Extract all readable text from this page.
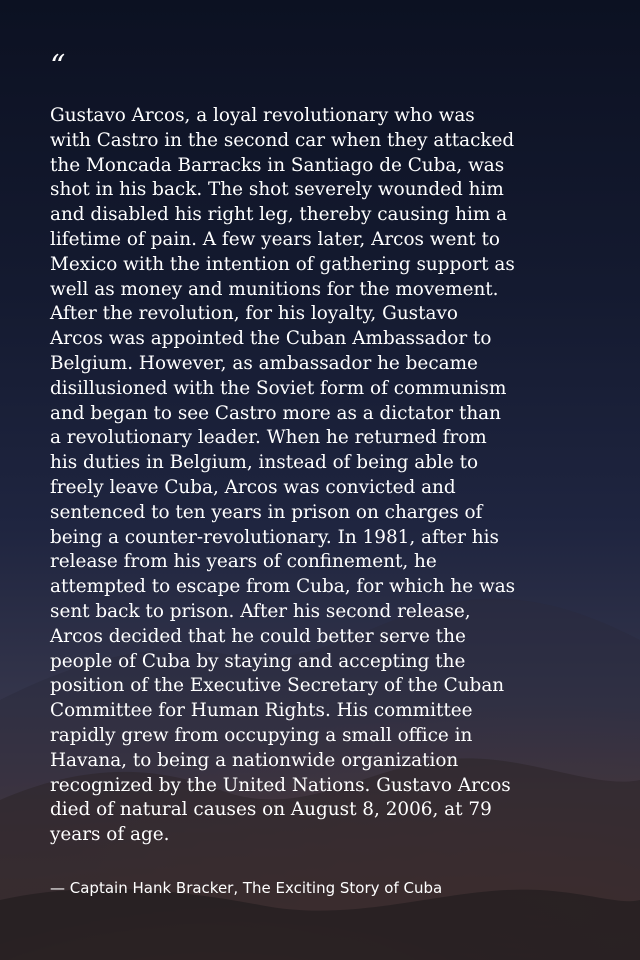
“

Gustavo Arcos, a loyal revolutionary who was
with Castro in the second car when they attacked
the Moncada Barracks in Santiago de Cuba, was
shot in his back. The shot severely wounded him
and disabled his right leg, thereby causing him a
lifetime of pain. A few years later, Arcos went to
Mexico with the intention of gathering support as
well as money and munitions for the movement.
After the revolution, for his loyalty, Gustavo
Arcos was appointed the Cuban Ambassador to
Belgium. However, as ambassador he became
disillusioned with the Soviet form of communism
and began to see Castro more as a dictator than
a revolutionary leader. When he returned from
his duties in Belgium, instead of being able to
freely leave Cuba, Arcos was convicted and
sentenced to ten years in prison on charges of
being a counter-revolutionary. In 1981, after his
release from his years of confinement, he
attempted to escape from Cuba, for which he was
sent back to prison. After his second release,
Arcos decided that he could better serve the
people of Cuba by staying and accepting the
position of the Executive Secretary of the Cuban
Committee for Human Rights. His committee
rapidly grew from occupying a small office in
Havana, to being a nationwide organization
recognized by the United Nations. Gustavo Arcos
died of natural causes on August 8, 2006, at 79
years of age.

— Captain Hank Bracker, The Exciting Story of Cuba
